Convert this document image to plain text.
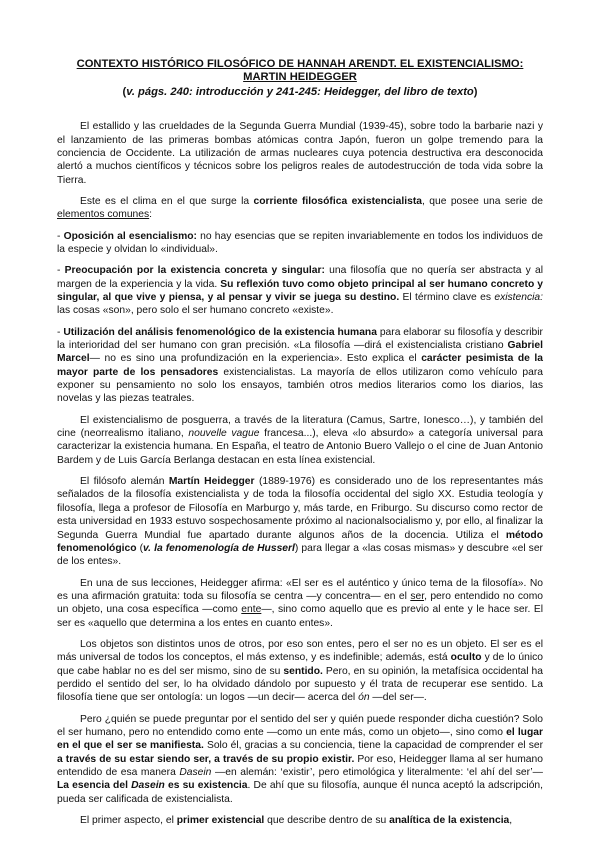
CONTEXTO HISTÓRICO FILOSÓFICO DE HANNAH ARENDT. EL EXISTENCIALISMO: MARTIN HEIDEGGER
(v. págs. 240: introducción y 241-245: Heidegger, del libro de texto)

El estallido y las crueldades de la Segunda Guerra Mundial (1939-45), sobre todo la barbarie nazi y el lanzamiento de las primeras bombas atómicas contra Japón, fueron un golpe tremendo para la conciencia de Occidente. La utilización de armas nucleares cuya potencia destructiva era desconocida alertó a muchos científicos y técnicos sobre los peligros reales de autodestrucción de toda vida sobre la Tierra.

Este es el clima en el que surge la corriente filosófica existencialista, que posee una serie de elementos comunes:

- Oposición al esencialismo: no hay esencias que se repiten invariablemente en todos los individuos de la especie y olvidan lo «individual».

- Preocupación por la existencia concreta y singular: una filosofía que no quería ser abstracta y al margen de la experiencia y la vida. Su reflexión tuvo como objeto principal al ser humano concreto y singular, al que vive y piensa, y al pensar y vivir se juega su destino. El término clave es existencia: las cosas «son», pero solo el ser humano concreto «existe».

- Utilización del análisis fenomenológico de la existencia humana para elaborar su filosofía y describir la interioridad del ser humano con gran precisión. «La filosofía —dirá el existencialista cristiano Gabriel Marcel— no es sino una profundización en la experiencia». Esto explica el carácter pesimista de la mayor parte de los pensadores existencialistas. La mayoría de ellos utilizaron como vehículo para exponer su pensamiento no solo los ensayos, también otros medios literarios como los diarios, las novelas y las piezas teatrales.

El existencialismo de posguerra, a través de la literatura (Camus, Sartre, Ionesco…), y también del cine (neorrealismo italiano, nouvelle vague francesa...), eleva «lo absurdo» a categoría universal para caracterizar la existencia humana. En España, el teatro de Antonio Buero Vallejo o el cine de Juan Antonio Bardem y de Luis García Berlanga destacan en esta línea existencial.

El filósofo alemán Martín Heidegger (1889-1976) es considerado uno de los representantes más señalados de la filosofía existencialista y de toda la filosofía occidental del siglo XX. Estudia teología y filosofía, llega a profesor de Filosofía en Marburgo y, más tarde, en Friburgo. Su discurso como rector de esta universidad en 1933 estuvo sospechosamente próximo al nacionalsocialismo y, por ello, al finalizar la Segunda Guerra Mundial fue apartado durante algunos años de la docencia. Utiliza el método fenomenológico (v. la fenomenología de Husserl) para llegar a «las cosas mismas» y descubre «el ser de los entes».

En una de sus lecciones, Heidegger afirma: «El ser es el auténtico y único tema de la filosofía». No es una afirmación gratuita: toda su filosofía se centra —y concentra— en el ser, pero entendido no como un objeto, una cosa específica —como ente—, sino como aquello que es previo al ente y le hace ser. El ser es «aquello que determina a los entes en cuanto entes».

Los objetos son distintos unos de otros, por eso son entes, pero el ser no es un objeto. El ser es el más universal de todos los conceptos, el más extenso, y es indefinible; además, está oculto y de lo único que cabe hablar no es del ser mismo, sino de su sentido. Pero, en su opinión, la metafísica occidental ha perdido el sentido del ser, lo ha olvidado dándolo por supuesto y él trata de recuperar ese sentido. La filosofía tiene que ser ontología: un logos —un decir— acerca del ón —del ser—.

Pero ¿quién se puede preguntar por el sentido del ser y quién puede responder dicha cuestión? Solo el ser humano, pero no entendido como ente —como un ente más, como un objeto—, sino como el lugar en el que el ser se manifiesta. Solo él, gracias a su conciencia, tiene la capacidad de comprender el ser a través de su estar siendo ser, a través de su propio existir. Por eso, Heidegger llama al ser humano entendido de esa manera Dasein —en alemán: ‘existir’, pero etimológica y literalmente: ‘el ahí del ser’— La esencia del Dasein es su existencia. De ahí que su filosofía, aunque él nunca aceptó la adscripción, pueda ser calificada de existencialista.

El primer aspecto, el primer existencial que describe dentro de su analítica de la existencia,
